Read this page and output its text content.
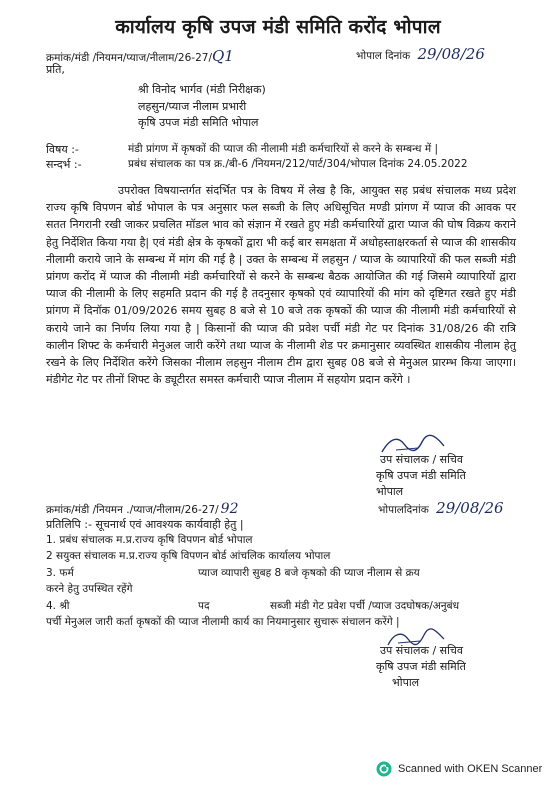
कार्यालय कृषि उपज मंडी समिति करोंद भोपाल
क्रमांक/मंडी /नियमन/प्याज/नीलाम/26-27/Q1	भोपाल दिनांक 29/08/26
प्रति,
श्री विनोद भार्गव (मंडी निरीक्षक)
लहसुन/प्याज नीलाम प्रभारी
कृषि उपज मंडी समिति भोपाल
विषय :-	मंडी प्रांगण में कृषकों की प्याज की नीलामी मंडी कर्मचारियों से करने के सम्बन्ध में |
सन्दर्भ :-	प्रबंध संचालक का पत्र क्र./बी-6 /नियमन/212/पार्ट/304/भोपाल दिनांक 24.05.2022
उपरोक्त विषयान्तर्गत संदर्भित पत्र के विषय में लेख है कि, आयुक्त सह प्रबंध संचालक मध्य प्रदेश राज्य कृषि विपणन बोर्ड भोपाल के पत्र अनुसार फल सब्जी के लिए अधिसूचित मण्डी प्रांगण में प्याज की आवक पर सतत निगरानी रखी जाकर प्रचलित मॉडल भाव को संज्ञान में रखते हुए मंडी कर्मचारियों द्वारा प्याज की घोष विक्रय कराने हेतु निर्देशित किया गया है| एवं मंडी क्षेत्र के कृषकों द्वारा भी कई बार समक्षता में अधोहस्ताक्षरकर्ता से प्याज की शासकीय नीलामी कराये जाने के सम्बन्ध में मांग की गई है | उक्त के सम्बन्ध में लहसुन / प्याज के व्यापारियों की फल सब्जी मंडी प्रांगण करोंद में प्याज की नीलामी मंडी कर्मचारियों से करने के सम्बन्ध बैठक आयोजित की गई जिसमे व्यापारियों द्वारा प्याज की नीलामी के लिए सहमति प्रदान की गई है तदनुसार कृषको एवं व्यापारियों की मांग को दृष्टिगत रखते हुए मंडी प्रांगण में दिनॉक 01/09/2026 समय सुबह 8 बजे से 10 बजे तक कृषकों की प्याज की नीलामी मंडी कर्मचारियों से कराये जाने का निर्णय लिया गया है | किसानों की प्याज की प्रवेश पर्ची मंडी गेट पर दिनांक 31/08/26 की रात्रि कालीन शिफ्ट के कर्मचारी मेनुअल जारी करेंगे तथा प्याज के नीलामी शेड पर क्रमानुसार व्यवस्थित शासकीय नीलाम हेतु रखने के लिए निर्देशित करेंगे जिसका नीलाम लहसुन नीलाम टीम द्वारा सुबह 08 बजे से मेनुअल प्रारम्भ किया जाएगा। मंडीगेट गेट पर तीनों शिफ्ट के ड्यूटीरत समस्त कर्मचारी प्याज नीलाम में सहयोग प्रदान करेंगे ।
उप संचालक / सचिव
कृषि उपज मंडी समिति
भोपाल
क्रमांक/मंडी /नियमन ./प्याज/नीलाम/26-27/ 92	भोपालदिनांक 29/08/26
प्रतिलिपि :- सूचनार्थ एवं आवश्यक कार्यवाही हेतु |
1. प्रबंध संचालक म.प्र.राज्य कृषि विपणन बोर्ड भोपाल
2 सयुक्त संचालक म.प्र.राज्य कृषि विपणन बोर्ड आंचलिक कार्यालय भोपाल
3. फर्म	प्याज व्यापारी सुबह 8 बजे कृषको की प्याज नीलाम से क्रय
करने हेतु उपस्थित रहेंगे
4. श्री	पद	सब्जी मंडी गेट प्रवेश पर्ची /प्याज उदघोषक/अनुबंध
पर्ची मेनुअल जारी कर्ता कृषकों की प्याज नीलामी कार्य का नियमानुसार सुचारू संचालन करेंगे |
उप संचालक / सचिव
कृषि उपज मंडी समिति
भोपाल
Scanned with OKEN Scanner
